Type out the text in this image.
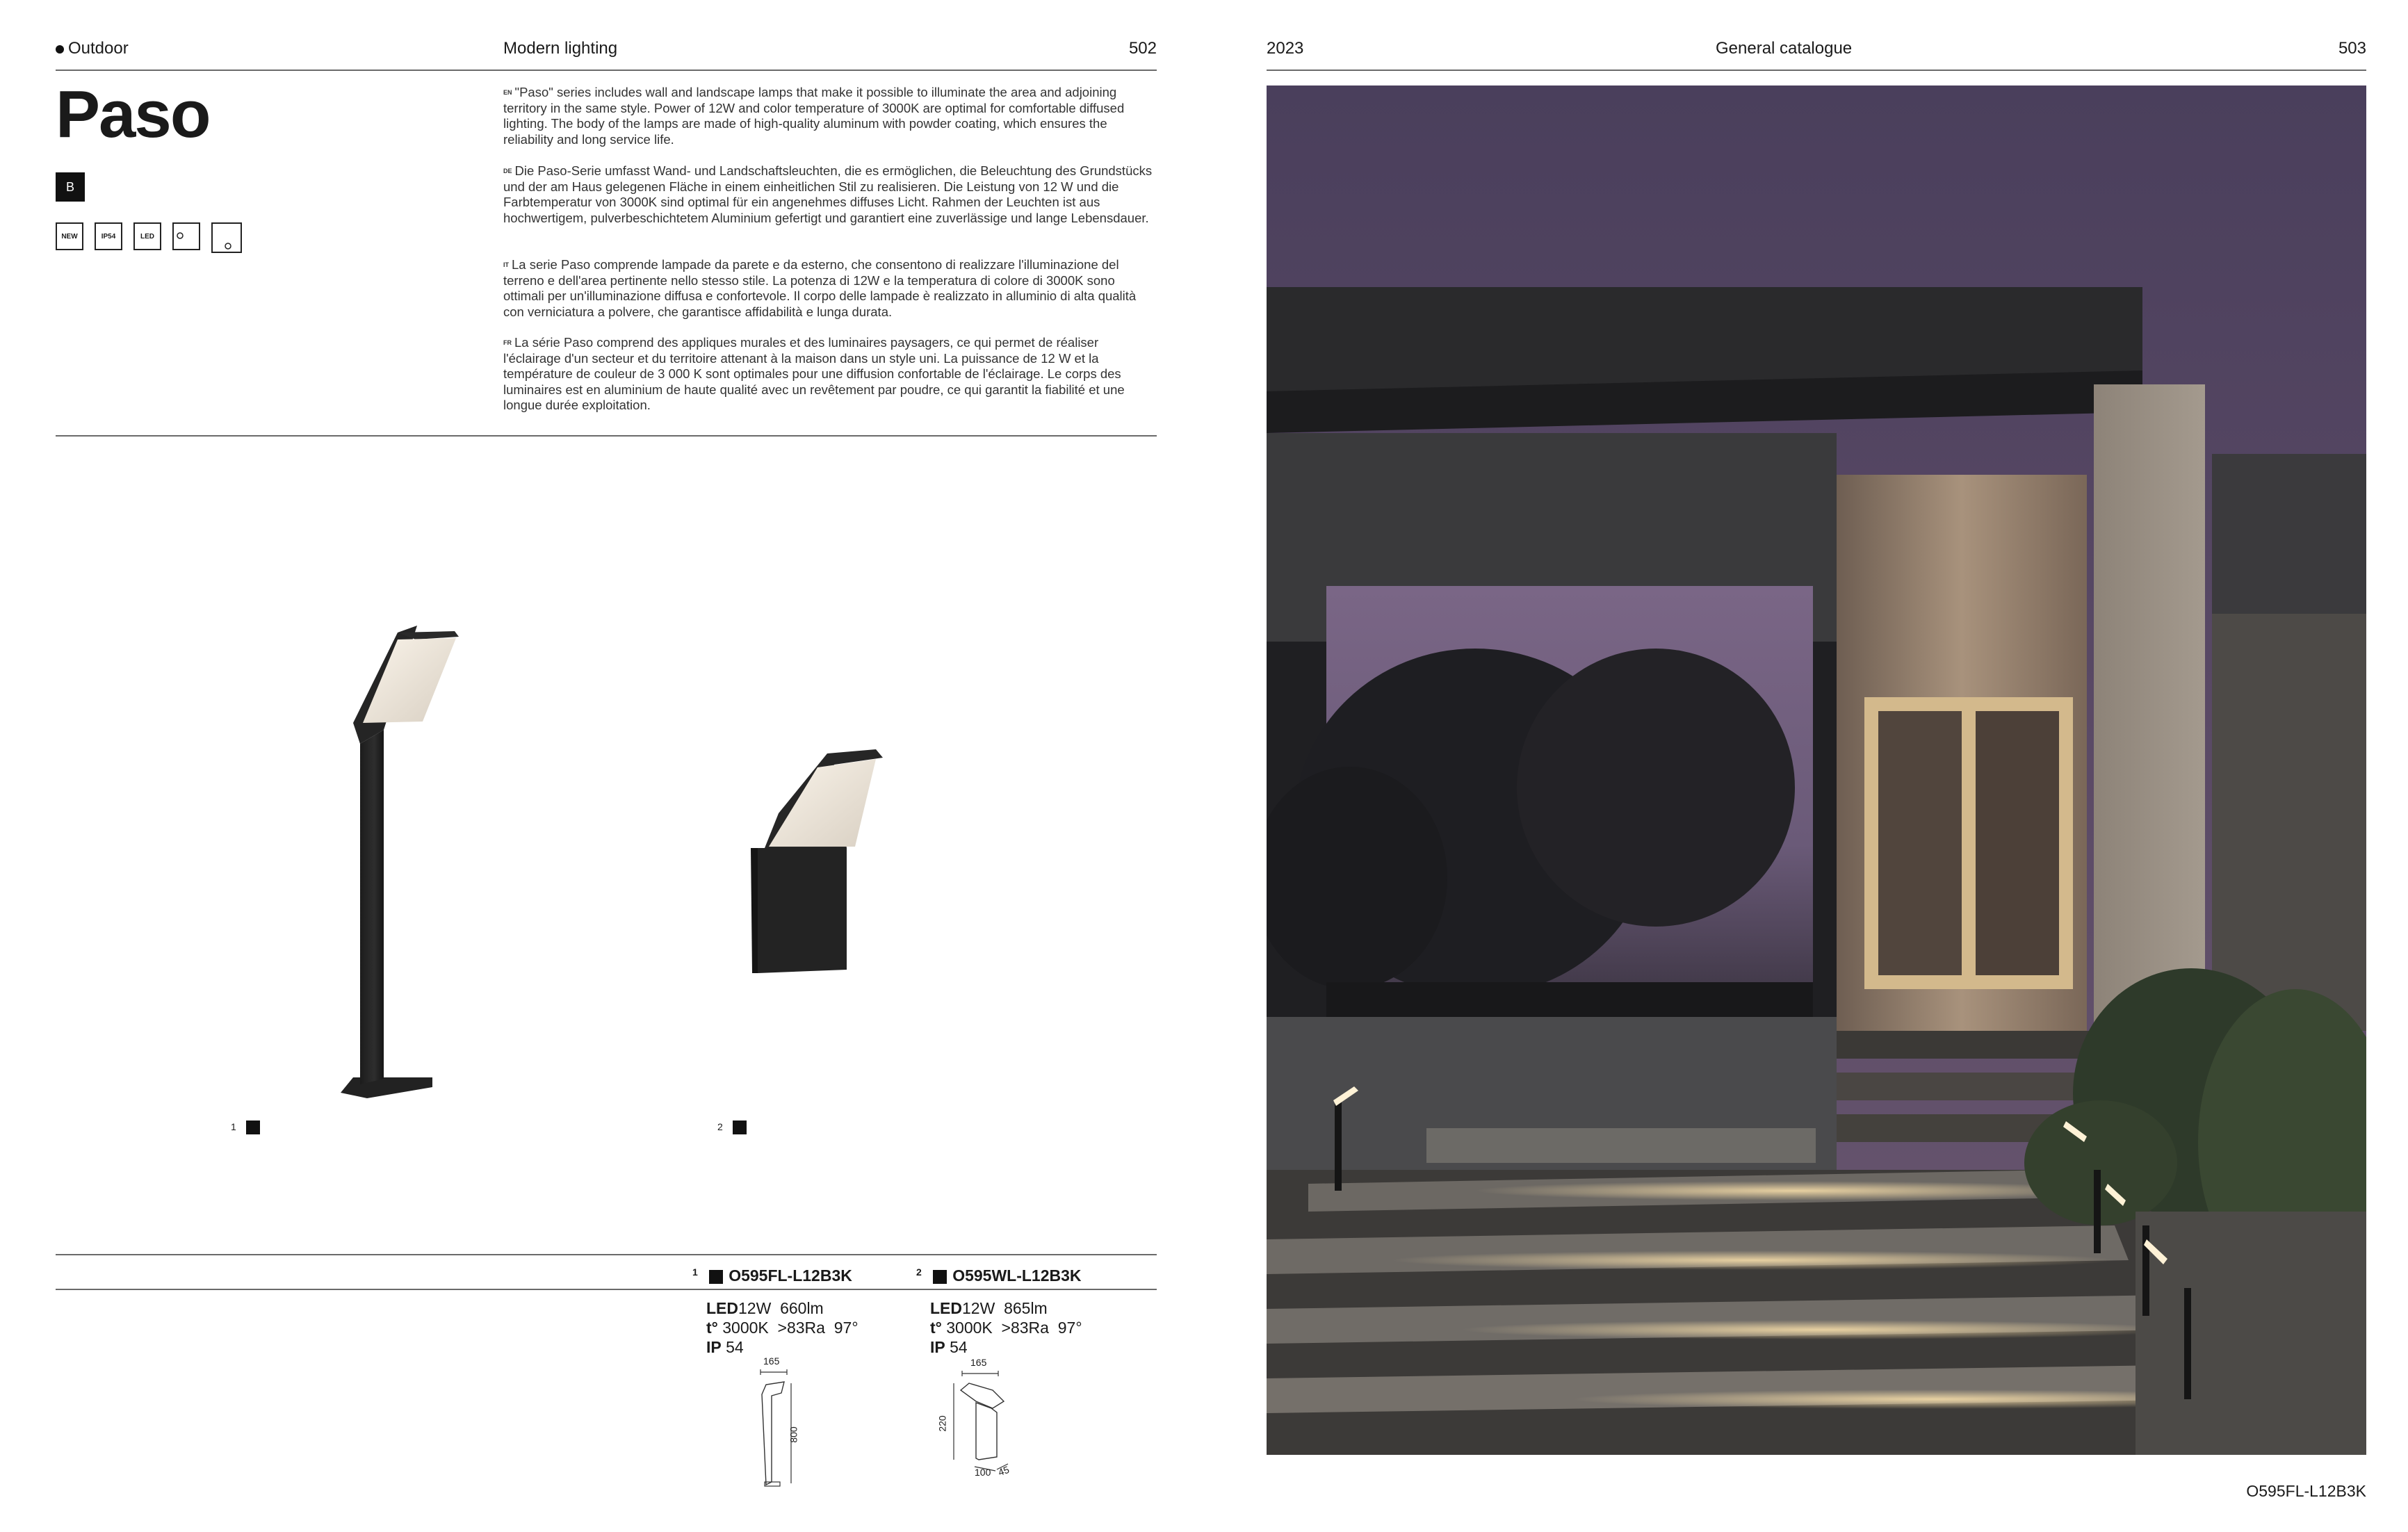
Outdoor	Modern lighting	502
Paso
B
NEW	IP54	LED
$^{EN}$ "Paso" series includes wall and landscape lamps that make it possible to illuminate the area and adjoining territory in the same style. Power of 12W and color temperature of 3000K are optimal for comfortable diffused lighting. The body of the lamps are made of high-quality aluminum with powder coating, which ensures the reliability and long service life.
$^{DE}$ Die Paso-Serie umfasst Wand- und Landschaftsleuchten, die es ermöglichen, die Beleuchtung des Grundstücks und der am Haus gelegenen Fläche in einem einheitlichen Stil zu realisieren. Die Leistung von 12 W und die Farbtemperatur von 3000K sind optimal für ein angenehmes diffuses Licht. Rahmen der Leuchten ist aus hochwertigem, pulverbeschichtetem Aluminium gefertigt und garantiert eine zuverlässige und lange Lebensdauer.
$^{IT}$ La serie Paso comprende lampade da parete e da esterno, che consentono di realizzare l'illuminazione del terreno e dell'area pertinente nello stesso stile. La potenza di 12W e la temperatura di colore di 3000K sono ottimali per un'illuminazione diffusa e confortevole. Il corpo delle lampade è realizzato in alluminio di alta qualità con verniciatura a polvere, che garantisce affidabilità e lunga durata.
$^{FR}$ La série Paso comprend des appliques murales et des luminaires paysagers, ce qui permet de réaliser l'éclairage d'un secteur et du territoire attenant à la maison dans un style uni. La puissance de 12 W et la température de couleur de 3 000 K sont optimales pour une diffusion confortable de l'éclairage. Le corps des luminaires est en aluminium de haute qualité avec un revêtement par poudre, ce qui garantit la fiabilité et une longue durée exploitation.
1	2
$^1$ O595FL-L12B3K	$^2$ O595WL-L12B3K
LED12W  660lm
t° 3000K  >83Ra  97°
IP 54
LED12W  865lm
t° 3000K  >83Ra  97°
IP 54
165
800
165
220
100 45
2023	General catalogue	503
O595FL-L12B3K
